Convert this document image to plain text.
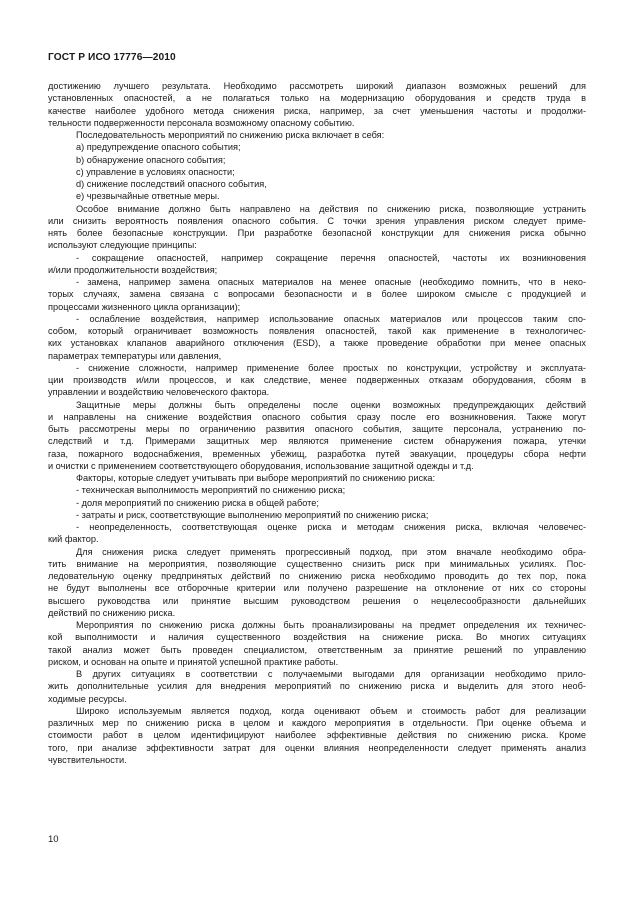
ГОСТ Р ИСО 17776—2010
достижению лучшего результата. Необходимо рассмотреть широкий диапазон возможных решений для
установленных опасностей, а не полагаться только на модернизацию оборудования и средств труда в
качестве наиболее удобного метода снижения риска, например, за счет уменьшения частоты и продолжи-
тельности подверженности персонала возможному опасному событию.
Последовательность мероприятий по снижению риска включает в себя:
a) предупреждение опасного события;
b) обнаружение опасного события;
c) управление в условиях опасности;
d) снижение последствий опасного события,
e) чрезвычайные ответные меры.
Особое внимание должно быть направлено на действия по снижению риска, позволяющие устранить
или снизить вероятность появления опасного события. С точки зрения управления риском следует приме-
нять более безопасные конструкции. При разработке безопасной конструкции для снижения риска обычно
используют следующие принципы:
- сокращение опасностей, например сокращение перечня опасностей, частоты их возникновения
и/или продолжительности воздействия;
- замена, например замена опасных материалов на менее опасные (необходимо помнить, что в неко-
торых случаях, замена связана с вопросами безопасности и в более широком смысле с продукцией и
процессами жизненного цикла организации);
- ослабление воздействия, например использование опасных материалов или процессов таким спо-
собом, который ограничивает возможность появления опасностей, такой как применение в технологичес-
ких установках клапанов аварийного отключения (ESD), а также проведение обработки при менее опасных
параметрах температуры или давления,
- снижение сложности, например применение более простых по конструкции, устройству и эксплуата-
ции производств и/или процессов, и как следствие, менее подверженных отказам оборудования, сбоям в
управлении и воздействию человеческого фактора.
Защитные меры должны быть определены после оценки возможных предупреждающих действий
и направлены на снижение воздействия опасного события сразу после его возникновения. Также могут
быть рассмотрены меры по ограничению развития опасного события, защите персонала, устранению по-
следствий и т.д. Примерами защитных мер являются применение систем обнаружения пожара, утечки
газа, пожарного водоснабжения, временных убежищ, разработка путей эвакуации, процедуры сбора нефти
и очистки с применением соответствующего оборудования, использование защитной одежды и т.д.
Факторы, которые следует учитывать при выборе мероприятий по снижению риска:
- техническая выполнимость мероприятий по снижению риска;
- доля мероприятий по снижению риска в общей работе;
- затраты и риск, соответствующие выполнению мероприятий по снижению риска;
- неопределенность, соответствующая оценке риска и методам снижения риска, включая человечес-
кий фактор.
Для снижения риска следует применять прогрессивный подход, при этом вначале необходимо обра-
тить внимание на мероприятия, позволяющие существенно снизить риск при минимальных усилиях. Пос-
ледовательную оценку предпринятых действий по снижению риска необходимо проводить до тех пор, пока
не будут выполнены все отборочные критерии или получено разрешение на отклонение от них со стороны
высшего руководства или принятие высшим руководством решения о нецелесообразности дальнейших
действий по снижению риска.
Мероприятия по снижению риска должны быть проанализированы на предмет определения их техничес-
кой выполнимости и наличия существенного воздействия на снижение риска. Во многих ситуациях
такой анализ может быть проведен специалистом, ответственным за принятие решений по управлению
риском, и основан на опыте и принятой успешной практике работы.
В других ситуациях в соответствии с получаемыми выгодами для организации необходимо прило-
жить дополнительные усилия для внедрения мероприятий по снижению риска и выделить для этого необ-
ходимые ресурсы.
Широко используемым является подход, когда оценивают объем и стоимость работ для реализации
различных мер по снижению риска в целом и каждого мероприятия в отдельности. При оценке объема и
стоимости работ в целом идентифицируют наиболее эффективные действия по снижению риска. Кроме
того, при анализе эффективности затрат для оценки влияния неопределенности следует применять анализ
чувствительности.
10
